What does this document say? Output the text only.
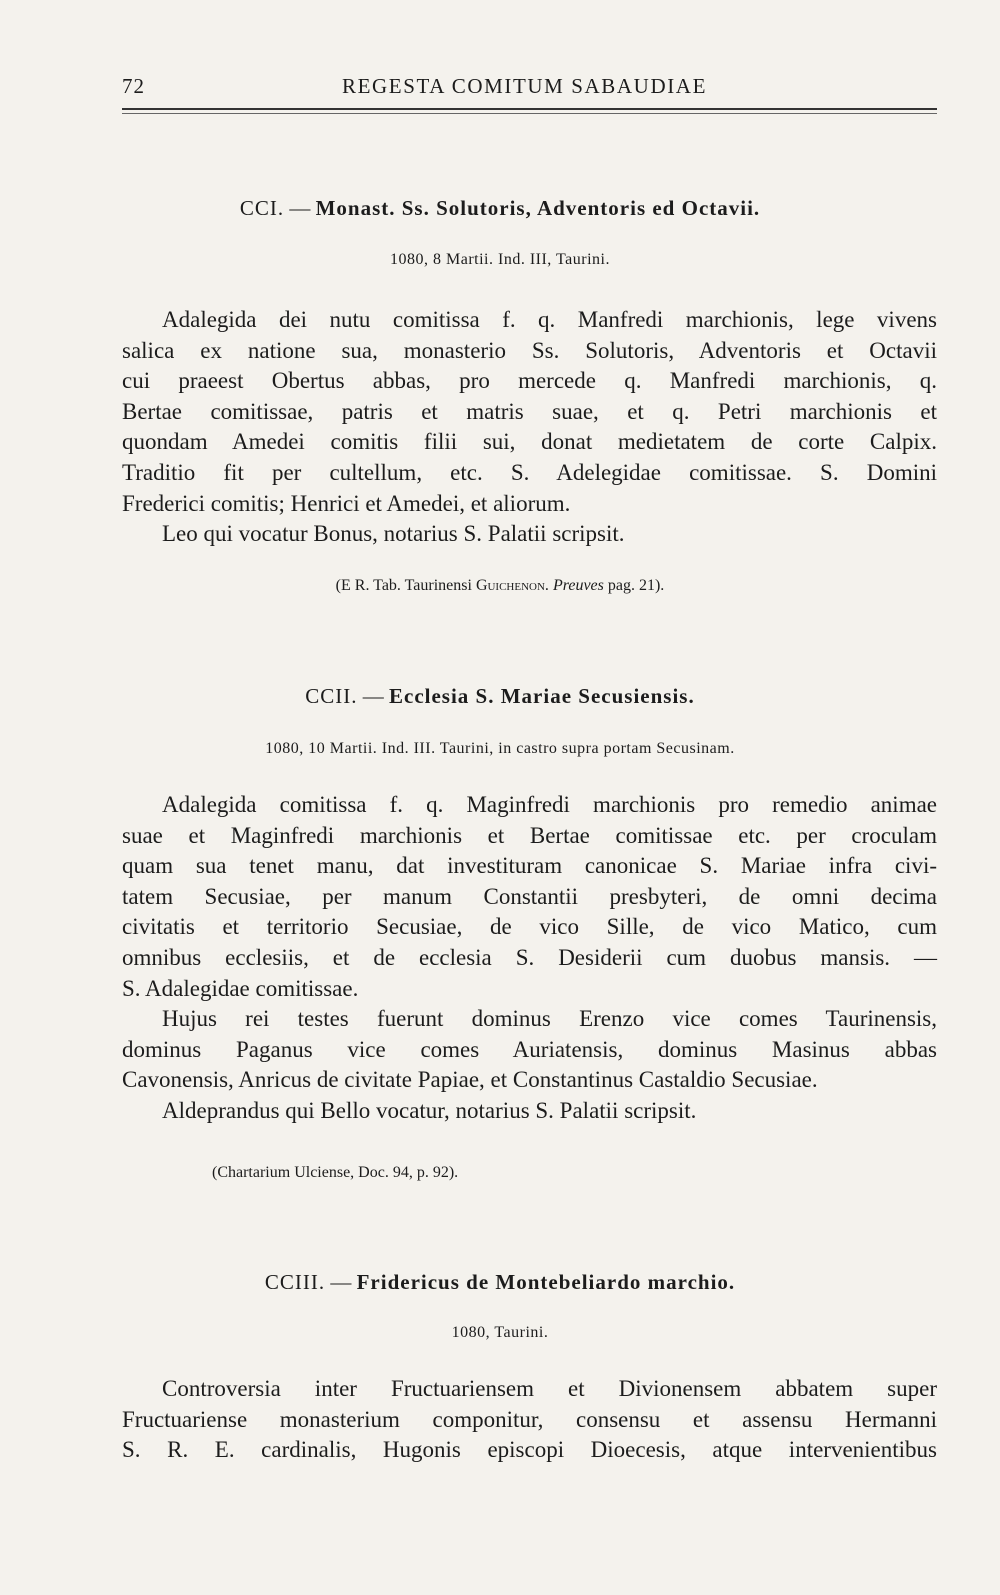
72	REGESTA COMITUM SABAUDIAE
CCI. — Monast. Ss. Solutoris, Adventoris ed Octavii.
1080, 8 Martii. Ind. III, Taurini.
Adalegida dei nutu comitissa f. q. Manfredi marchionis, lege vivens
salica ex natione sua, monasterio Ss. Solutoris, Adventoris et Octavii
cui praeest Obertus abbas, pro mercede q. Manfredi marchionis, q.
Bertae comitissae, patris et matris suae, et q. Petri marchionis et
quondam Amedei comitis filii sui, donat medietatem de corte Calpix.
Traditio fit per cultellum, etc. S. Adelegidae comitissae. S. Domini
Frederici comitis; Henrici et Amedei, et aliorum.
Leo qui vocatur Bonus, notarius S. Palatii scripsit.
(E R. Tab. Taurinensi Guichenon. Preuves pag. 21).
CCII. — Ecclesia S. Mariae Secusiensis.
1080, 10 Martii. Ind. III. Taurini, in castro supra portam Secusinam.
Adalegida comitissa f. q. Maginfredi marchionis pro remedio animae
suae et Maginfredi marchionis et Bertae comitissae etc. per croculam
quam sua tenet manu, dat investituram canonicae S. Mariae infra civi-
tatem Secusiae, per manum Constantii presbyteri, de omni decima
civitatis et territorio Secusiae, de vico Sille, de vico Matico, cum
omnibus ecclesiis, et de ecclesia S. Desiderii cum duobus mansis. —
S. Adalegidae comitissae.
Hujus rei testes fuerunt dominus Erenzo vice comes Taurinensis,
dominus Paganus vice comes Auriatensis, dominus Masinus abbas
Cavonensis, Anricus de civitate Papiae, et Constantinus Castaldio Secusiae.
Aldeprandus qui Bello vocatur, notarius S. Palatii scripsit.
(Chartarium Ulciense, Doc. 94, p. 92).
CCIII. — Fridericus de Montebeliardo marchio.
1080, Taurini.
Controversia inter Fructuariensem et Divionensem abbatem super
Fructuariense monasterium componitur, consensu et assensu Hermanni
S. R. E. cardinalis, Hugonis episcopi Dioecesis, atque intervenientibus
